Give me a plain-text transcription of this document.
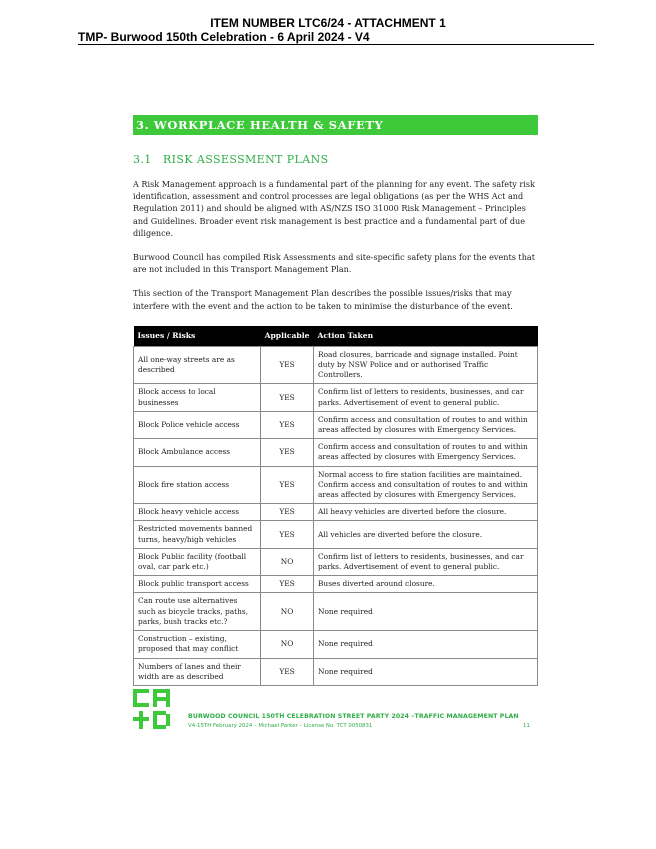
ITEM NUMBER LTC6/24 - ATTACHMENT 1
TMP- Burwood 150th Celebration - 6 April 2024 - V4
3. WORKPLACE HEALTH & SAFETY
3.1	RISK ASSESSMENT PLANS
A Risk Management approach is a fundamental part of the planning for any event. The safety risk identification, assessment and control processes are legal obligations (as per the WHS Act and Regulation 2011) and should be aligned with AS/NZS ISO 31000 Risk Management – Principles and Guidelines. Broader event risk management is best practice and a fundamental part of due diligence.
Burwood Council has compiled Risk Assessments and site-specific safety plans for the events that are not included in this Transport Management Plan.
This section of the Transport Management Plan describes the possible issues/risks that may interfere with the event and the action to be taken to minimise the disturbance of the event.
Issues / Risks	Applicable	Action Taken
All one-way streets are as described	YES	Road closures, barricade and signage installed. Point duty by NSW Police and or authorised Traffic Controllers.
Block access to local businesses	YES	Confirm list of letters to residents, businesses, and car parks. Advertisement of event to general public.
Block Police vehicle access	YES	Confirm access and consultation of routes to and within areas affected by closures with Emergency Services.
Block Ambulance access	YES	Confirm access and consultation of routes to and within areas affected by closures with Emergency Services.
Block fire station access	YES	Normal access to fire station facilities are maintained. Confirm access and consultation of routes to and within areas affected by closures with Emergency Services.
Block heavy vehicle access	YES	All heavy vehicles are diverted before the closure.
Restricted movements banned turns, heavy/high vehicles	YES	All vehicles are diverted before the closure.
Block Public facility (football oval, car park etc.)	NO	Confirm list of letters to residents, businesses, and car parks. Advertisement of event to general public.
Block public transport access	YES	Buses diverted around closure.
Can route use alternatives such as bicycle tracks, paths, parks, bush tracks etc.?	NO	None required
Construction – existing, proposed that may conflict	NO	None required
Numbers of lanes and their width are as described	YES	None required
BURWOOD COUNCIL 150TH CELEBRATION STREET PARTY 2024 –TRAFFIC MANAGEMENT PLAN
V4-15TH February 2024 – Michael Parker – License No. TCT 0050831	11
